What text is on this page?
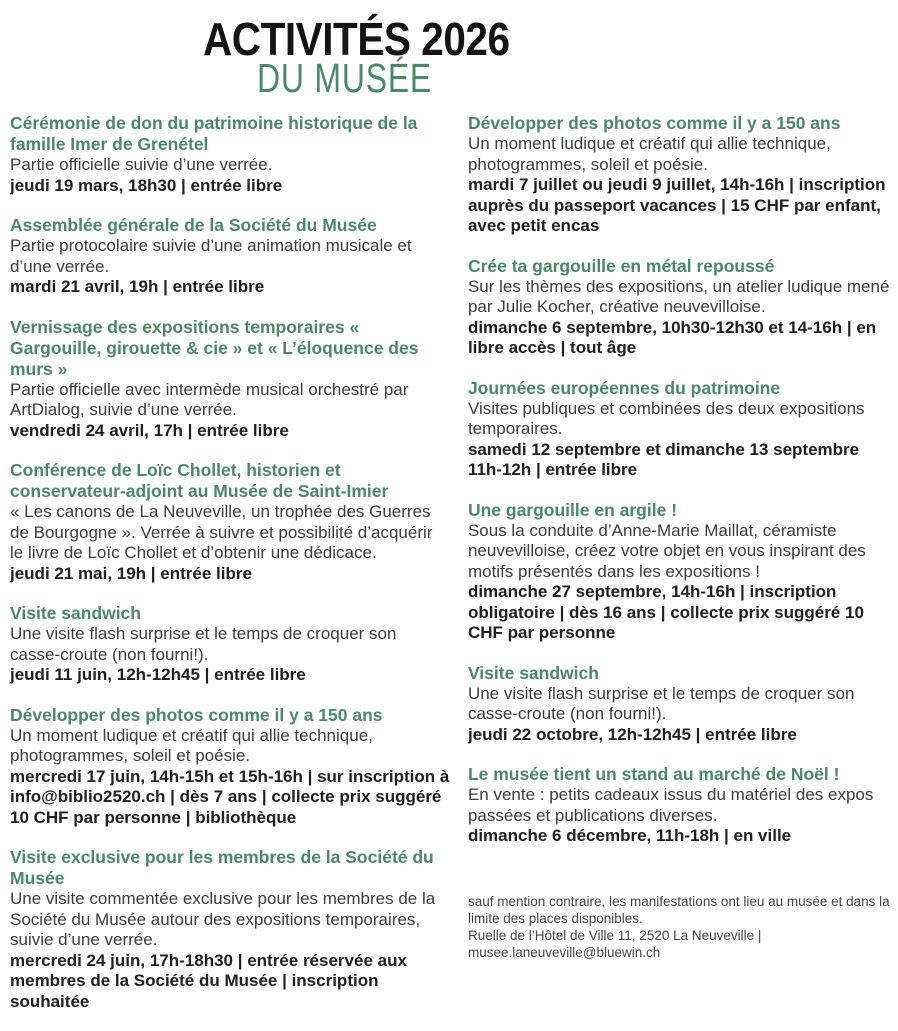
ACTIVITÉS 2026
DU MUSÉE
Cérémonie de don du patrimoine historique de la famille Imer de Grenétel

Partie officielle suivie d’une verrée.

jeudi 19 mars, 18h30 | entrée libre

Assemblée générale de la Société du Musée

Partie protocolaire suivie d’une animation musicale et d’une verrée.

mardi 21 avril, 19h | entrée libre

Vernissage des expositions temporaires « Gargouille, girouette & cie » et « L’éloquence des murs »

Partie officielle avec intermède musical orchestré par ArtDialog, suivie d’une verrée.

vendredi 24 avril, 17h | entrée libre

Conférence de Loïc Chollet, historien et conservateur-adjoint au Musée de Saint-Imier

« Les canons de La Neuveville, un trophée des Guerres de Bourgogne ». Verrée à suivre et possibilité d’acquérir le livre de Loïc Chollet et d’obtenir une dédicace.

jeudi 21 mai, 19h | entrée libre

Visite sandwich

Une visite flash surprise et le temps de croquer son casse-croute (non fourni!).

jeudi 11 juin, 12h-12h45 | entrée libre

Développer des photos comme il y a 150 ans

Un moment ludique et créatif qui allie technique, photogrammes, soleil et poésie.

mercredi 17 juin, 14h-15h et 15h-16h | sur inscription à info@biblio2520.ch | dès 7 ans | collecte prix suggéré 10 CHF par personne | bibliothèque

Visite exclusive pour les membres de la Société du Musée

Une visite commentée exclusive pour les membres de la Société du Musée autour des expositions temporaires, suivie d’une verrée.

mercredi 24 juin, 17h-18h30 | entrée réservée aux membres de la Société du Musée | inscription souhaitée

Développer des photos comme il y a 150 ans

Un moment ludique et créatif qui allie technique, photogrammes, soleil et poésie.

mardi 7 juillet ou jeudi 9 juillet, 14h-16h | inscription auprès du passeport vacances | 15 CHF par enfant, avec petit encas

Crée ta gargouille en métal repoussé

Sur les thèmes des expositions, un atelier ludique mené par Julie Kocher, créative neuvevilloise.

dimanche 6 septembre, 10h30-12h30 et 14-16h | en libre accès | tout âge

Journées européennes du patrimoine

Visites publiques et combinées des deux expositions temporaires.

samedi 12 septembre et dimanche 13 septembre 11h-12h | entrée libre

Une gargouille en argile !

Sous la conduite d’Anne-Marie Maillat, céramiste neuvevilloise, créez votre objet en vous inspirant des motifs présentés dans les expositions !

dimanche 27 septembre, 14h-16h | inscription obligatoire | dès 16 ans | collecte prix suggéré 10 CHF par personne

Visite sandwich

Une visite flash surprise et le temps de croquer son casse-croute (non fourni!).

jeudi 22 octobre, 12h-12h45 | entrée libre

Le musée tient un stand au marché de Noël !

En vente : petits cadeaux issus du matériel des expos passées et publications diverses.

dimanche 6 décembre, 11h-18h | en ville

sauf mention contraire, les manifestations ont lieu au musée et dans la limite des places disponibles.

Ruelle de l’Hôtel de Ville 11, 2520 La Neuveville |

musee.laneuveville@bluewin.ch
